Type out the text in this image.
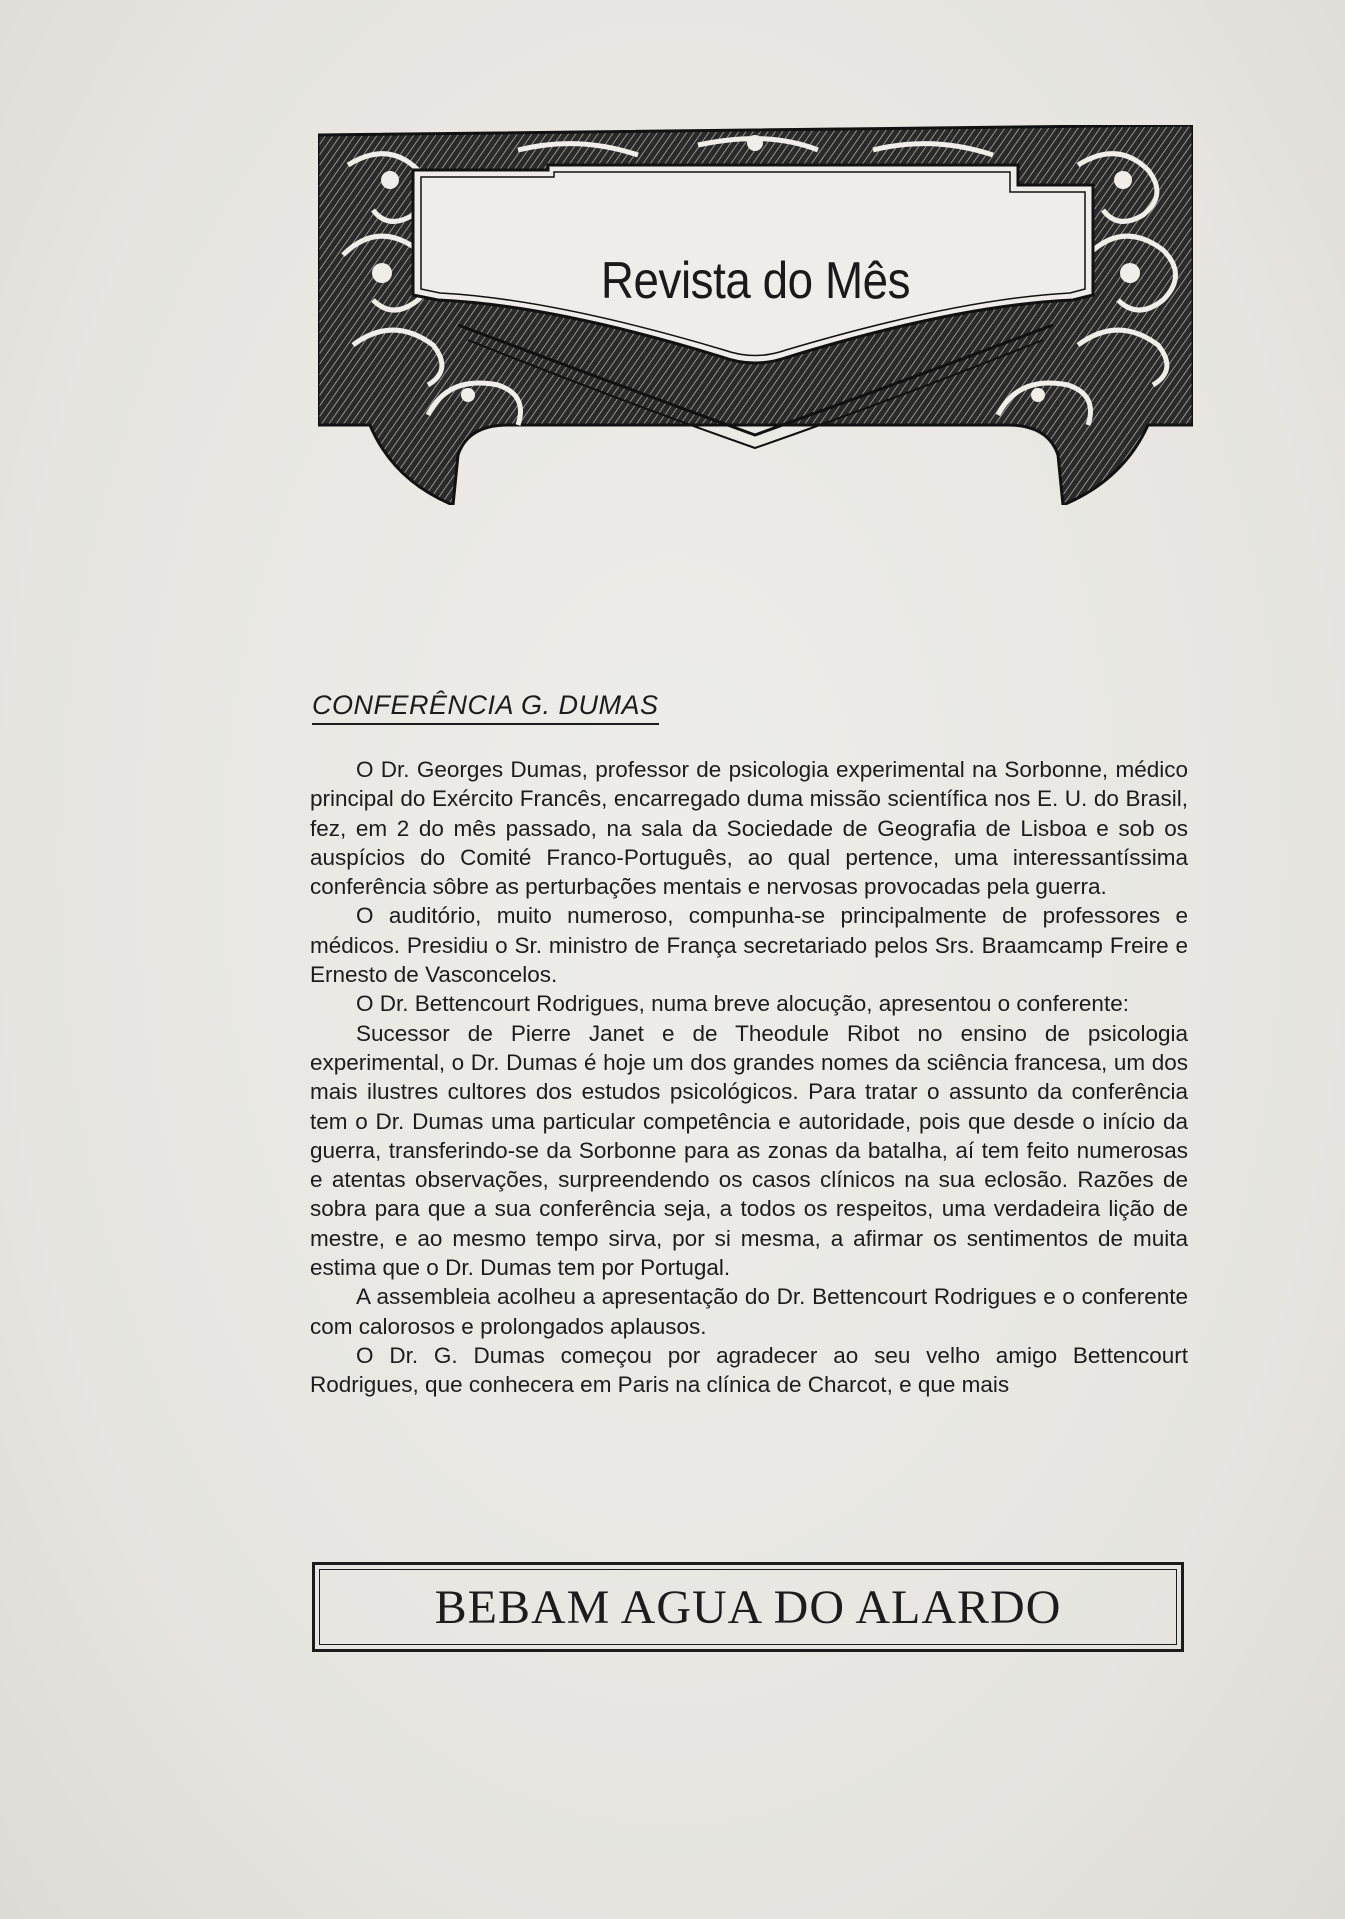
Revista do Mês
CONFERÊNCIA G. DUMAS

O Dr. Georges Dumas, professor de psicologia experimental na Sorbonne, médico principal do Exército Francês, encarregado duma missão scientífica nos E. U. do Brasil, fez, em 2 do mês passado, na sala da Sociedade de Geografia de Lisboa e sob os auspícios do Comité Franco-Português, ao qual pertence, uma interessantíssima conferência sôbre as perturbações mentais e nervosas provocadas pela guerra.

O auditório, muito numeroso, compunha-se principalmente de professores e médicos. Presidiu o Sr. ministro de França secretariado pelos Srs. Braamcamp Freire e Ernesto de Vasconcelos.

O Dr. Bettencourt Rodrigues, numa breve alocução, apresentou o conferente:

Sucessor de Pierre Janet e de Theodule Ribot no ensino de psicologia experimental, o Dr. Dumas é hoje um dos grandes nomes da sciência francesa, um dos mais ilustres cultores dos estudos psicológicos. Para tratar o assunto da conferência tem o Dr. Dumas uma particular competência e autoridade, pois que desde o início da guerra, transferindo-se da Sorbonne para as zonas da batalha, aí tem feito numerosas e atentas observações, surpreendendo os casos clínicos na sua eclosão. Razões de sobra para que a sua conferência seja, a todos os respeitos, uma verdadeira lição de mestre, e ao mesmo tempo sirva, por si mesma, a afirmar os sentimentos de muita estima que o Dr. Dumas tem por Portugal.

A assembleia acolheu a apresentação do Dr. Bettencourt Rodrigues e o conferente com calorosos e prolongados aplausos.

O Dr. G. Dumas começou por agradecer ao seu velho amigo Bettencourt Rodrigues, que conhecera em Paris na clínica de Charcot, e que mais

BEBAM AGUA DO ALARDO
